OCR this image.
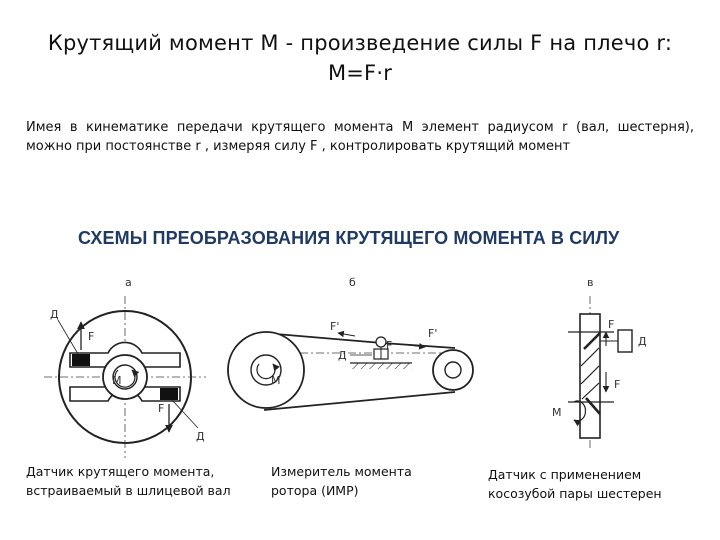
Крутящий момент М - произведение силы F на плечо r:
M=F·r
Имея в кинематике передачи крутящего момента М элемент радиусом r (вал, шестерня), можно при постоянстве r , измеряя силу F , контролировать крутящий момент
СХЕМЫ ПРЕОБРАЗОВАНИЯ КРУТЯЩЕГО МОМЕНТА В СИЛУ
а
М
F
F
Д
Д
б
М
F'
F'
F
Д
в
F
F
Д
М
Датчик крутящего момента, встраиваемый в шлицевой вал
Измеритель момента ротора (ИМР)
Датчик с применением косозубой пары шестерен
